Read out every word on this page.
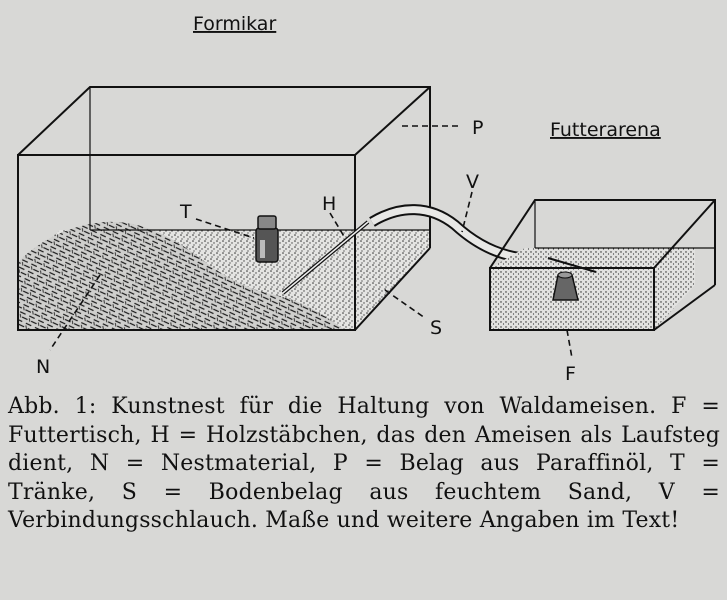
Formikar
Futterarena
P
V
T	H
S
N	F
Abb. 1: Kunstnest für die Haltung von Waldameisen. F = Futtertisch, H = Holzstäbchen, das den Ameisen als Laufsteg dient, N = Nestmaterial, P = Belag aus Paraffinöl, T = Tränke, S = Bodenbelag aus feuchtem Sand, V = Verbindungsschlauch. Maße und weitere Angaben im Text!
